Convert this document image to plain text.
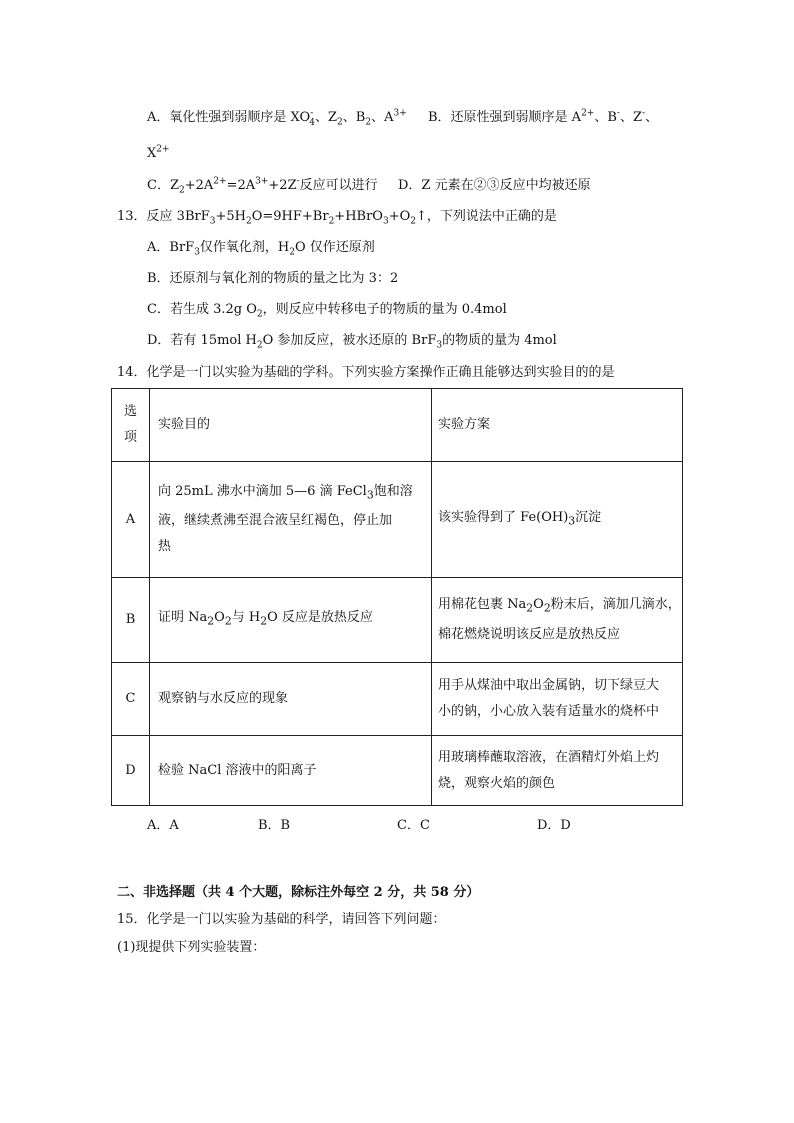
A．氧化性强到弱顺序是 $XO^-_4$、$Z_2$、$B_2$、$A^{3+}$ B．还原性强到弱顺序是 $A^{2+}$、B-、Z-、
$X^{2+}$
C．$Z_2+2A^{2+}=2A^{3+}+2Z^-$反应可以进行 D．Z 元素在②③反应中均被还原
13．反应 $3BrF_3+5H_2O=9HF+Br_2+HBrO_3+O_2↑$，下列说法中正确的是
A．BrF$_3$仅作氧化剂，$H_2O$ 仅作还原剂
B．还原剂与氧化剂的物质的量之比为 3：2
C．若生成 3.2g $O_2$，则反应中转移电子的物质的量为 0.4mol
D．若有 15mol $H_2O$ 参加反应，被水还原的 BrF$_3$的物质的量为 4mol
14．化学是一门以实验为基础的学科。下列实验方案操作正确且能够达到实验目的的是
选
项	实验目的	实验方案
A	向 25mL 沸水中滴加 5—6 滴 FeCl$_3$饱和溶
液，继续煮沸至混合液呈红褐色，停止加
热	该实验得到了 $Fe(OH)_3$沉淀
B	证明 $Na_2O_2$与 $H_2O$ 反应是放热反应	用棉花包裹 $Na_2O_2$粉末后，滴加几滴水，
棉花燃烧说明该反应是放热反应

C	观察钠与水反应的现象	用手从煤油中取出金属钠，切下绿豆大
小的钠，小心放入装有适量水的烧杯中

D	检验 NaCl 溶液中的阳离子	用玻璃棒蘸取溶液，在酒精灯外焰上灼
烧，观察火焰的颜色
A．A	B．B	C．C	D．D
二、非选择题（共 4 个大题，除标注外每空 2 分，共 58 分）
15．化学是一门以实验为基础的科学，请回答下列问题：
(1)现提供下列实验装置：
